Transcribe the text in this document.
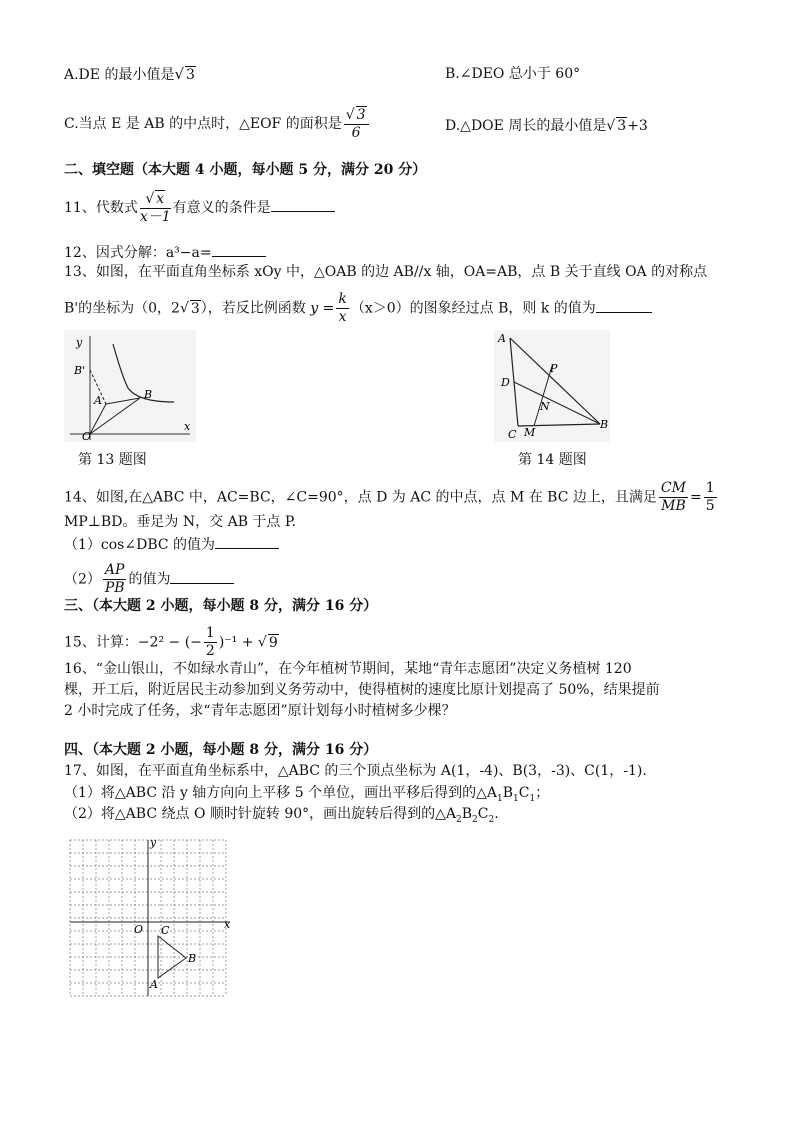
A.DE 的最小值是√ 3	B.∠DEO 总小于 60°
C.当点 E 是 AB 的中点时，△EOF 的面积是 $\frac{√ 3}{6}$	D.△DOE 周长的最小值是√ 3+3
二、填空题（本大题 4 小题，每小题 5 分，满分 20 分）
11、代数式 $\frac{√ x}{x-1}$ 有意义的条件是
12、因式分解：a³−a=
13、如图，在平面直角坐标系 xOy 中，△OAB 的边 AB//x 轴，OA=AB，点 B 关于直线 OA 的对称点
B'的坐标为（0，2√ 3），若反比例函数 $y = \frac{k}{x} (x>0)$的图象经过点 B，则 k 的值为
y
B'
A	B
O
x
第 13 题图
A
P
D
N
C M
B
第 14 题图
14、如图,在△ABC 中，AC=BC，∠C=90°，点 D 为 AC 的中点，点 M 在 BC 边上，且满足 $\frac{CM}{MB} = \frac{1}{5}$
MP⊥BD。垂足为 N，交 AB 于点 P.
（1）cos∠DBC 的值为
$(2) \frac{AP}{PB}$ 的值为
三、（本大题 2 小题，每小题 8 分，满分 16 分）
15、计算：−2² − (− $\frac{1}{2} )^{-1}$ + √ 9
16、“金山银山，不如绿水青山”，在今年植树节期间，某地“青年志愿团”决定义务植树 120
棵，开工后，附近居民主动参加到义务劳动中，使得植树的速度比原计划提高了 50%，结果提前
2 小时完成了任务，求“青年志愿团”原计划每小时植树多少棵？
四、（本大题 2 小题，每小题 8 分，满分 16 分）
17、如图，在平面直角坐标系中，△ABC 的三个顶点坐标为 A(1，-4)、B(3，-3)、C(1，-1).
（1）将△ABC 沿 y 轴方向向上平移 5 个单位，画出平移后得到的$\triangle A_1B_1C_1$；
（2）将△ABC 绕点 O 顺时针旋转 90°，画出旋转后得到的$\triangle A_2B_2C_2$.
y
x
O C
B
A
